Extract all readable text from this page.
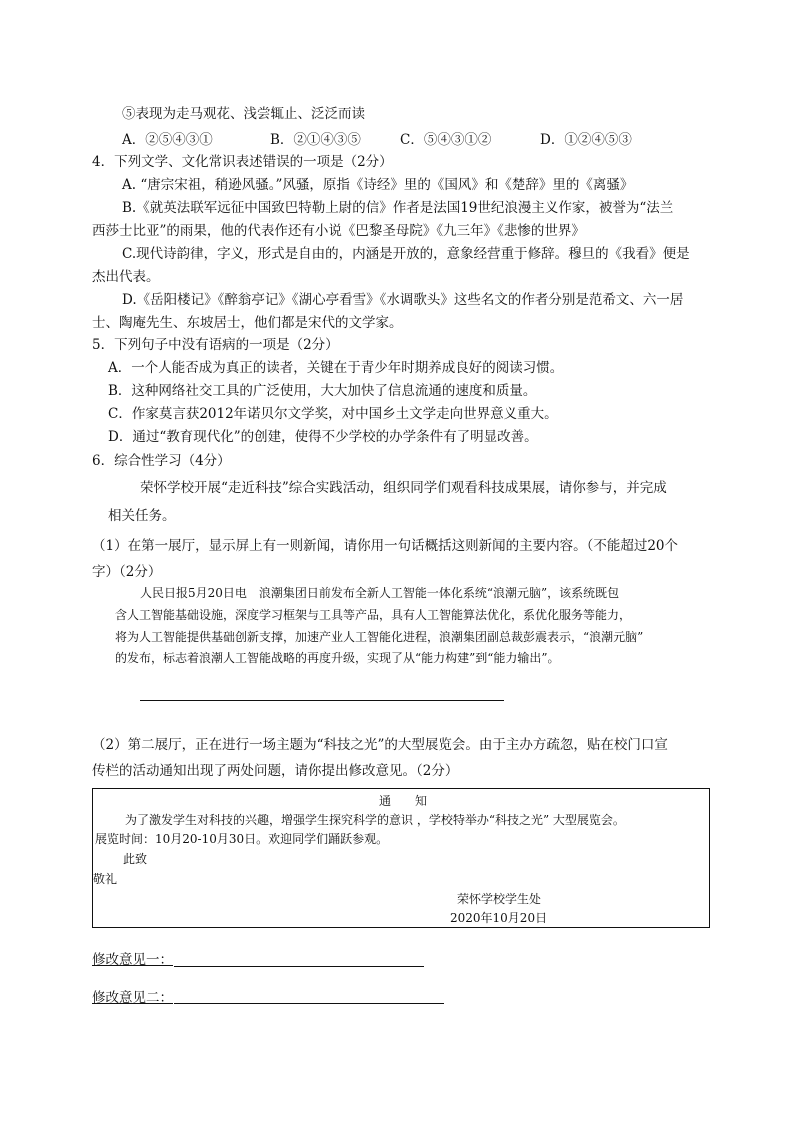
⑤表现为走马观花、浅尝辄止、泛泛而读
A．②⑤④③①	B．②①④③⑤	C．⑤④③①②	D．①②④⑤③
4．下列文学、文化常识表述错误的一项是（2分）
A. “唐宗宋祖，稍逊风骚。”风骚，原指《诗经》里的《国风》和《楚辞》里的《离骚》
B.《就英法联军远征中国致巴特勒上尉的信》作者是法国19世纪浪漫主义作家，被誉为“法兰
西莎士比亚”的雨果，他的代表作还有小说《巴黎圣母院》《九三年》《悲惨的世界》
C.现代诗韵律，字义，形式是自由的，内涵是开放的，意象经营重于修辞。穆旦的《我看》便是
杰出代表。
D.《岳阳楼记》《醉翁亭记》《湖心亭看雪》《水调歌头》这些名文的作者分别是范希文、六一居
士、陶庵先生、东坡居士，他们都是宋代的文学家。
5．下列句子中没有语病的一项是（2分）
A．一个人能否成为真正的读者，关键在于青少年时期养成良好的阅读习惯。
B．这种网络社交工具的广泛使用，大大加快了信息流通的速度和质量。
C．作家莫言获2012年诺贝尔文学奖，对中国乡土文学走向世界意义重大。
D．通过“教育现代化”的创建，使得不少学校的办学条件有了明显改善。
6．综合性学习（4分）
荣怀学校开展“走近科技”综合实践活动，组织同学们观看科技成果展，请你参与，并完成
相关任务。
（1）在第一展厅，显示屏上有一则新闻，请你用一句话概括这则新闻的主要内容。（不能超过20个
字）（2分）
人民日报5月20日电　浪潮集团日前发布全新人工智能一体化系统“浪潮元脑”，该系统既包
含人工智能基础设施，深度学习框架与工具等产品，具有人工智能算法优化，系优化服务等能力，
将为人工智能提供基础创新支撑，加速产业人工智能化进程，浪潮集团副总裁彭震表示，“浪潮元脑”
的发布，标志着浪潮人工智能战略的再度升级，实现了从“能力构建”到“能力输出”。
（2）第二展厅，正在进行一场主题为“科技之光”的大型展览会。由于主办方疏忽，贴在校门口宣
传栏的活动通知出现了两处问题，请你提出修改意见。（2分）
通　　知
为了激发学生对科技的兴趣，增强学生探究科学的意识 ，学校特举办“科技之光” 大型展览会。
展览时间：10月20-10月30日。欢迎同学们踊跃参观。
此致
敬礼
荣怀学校学生处
2020年10月20日
修改意见一：
修改意见二：
